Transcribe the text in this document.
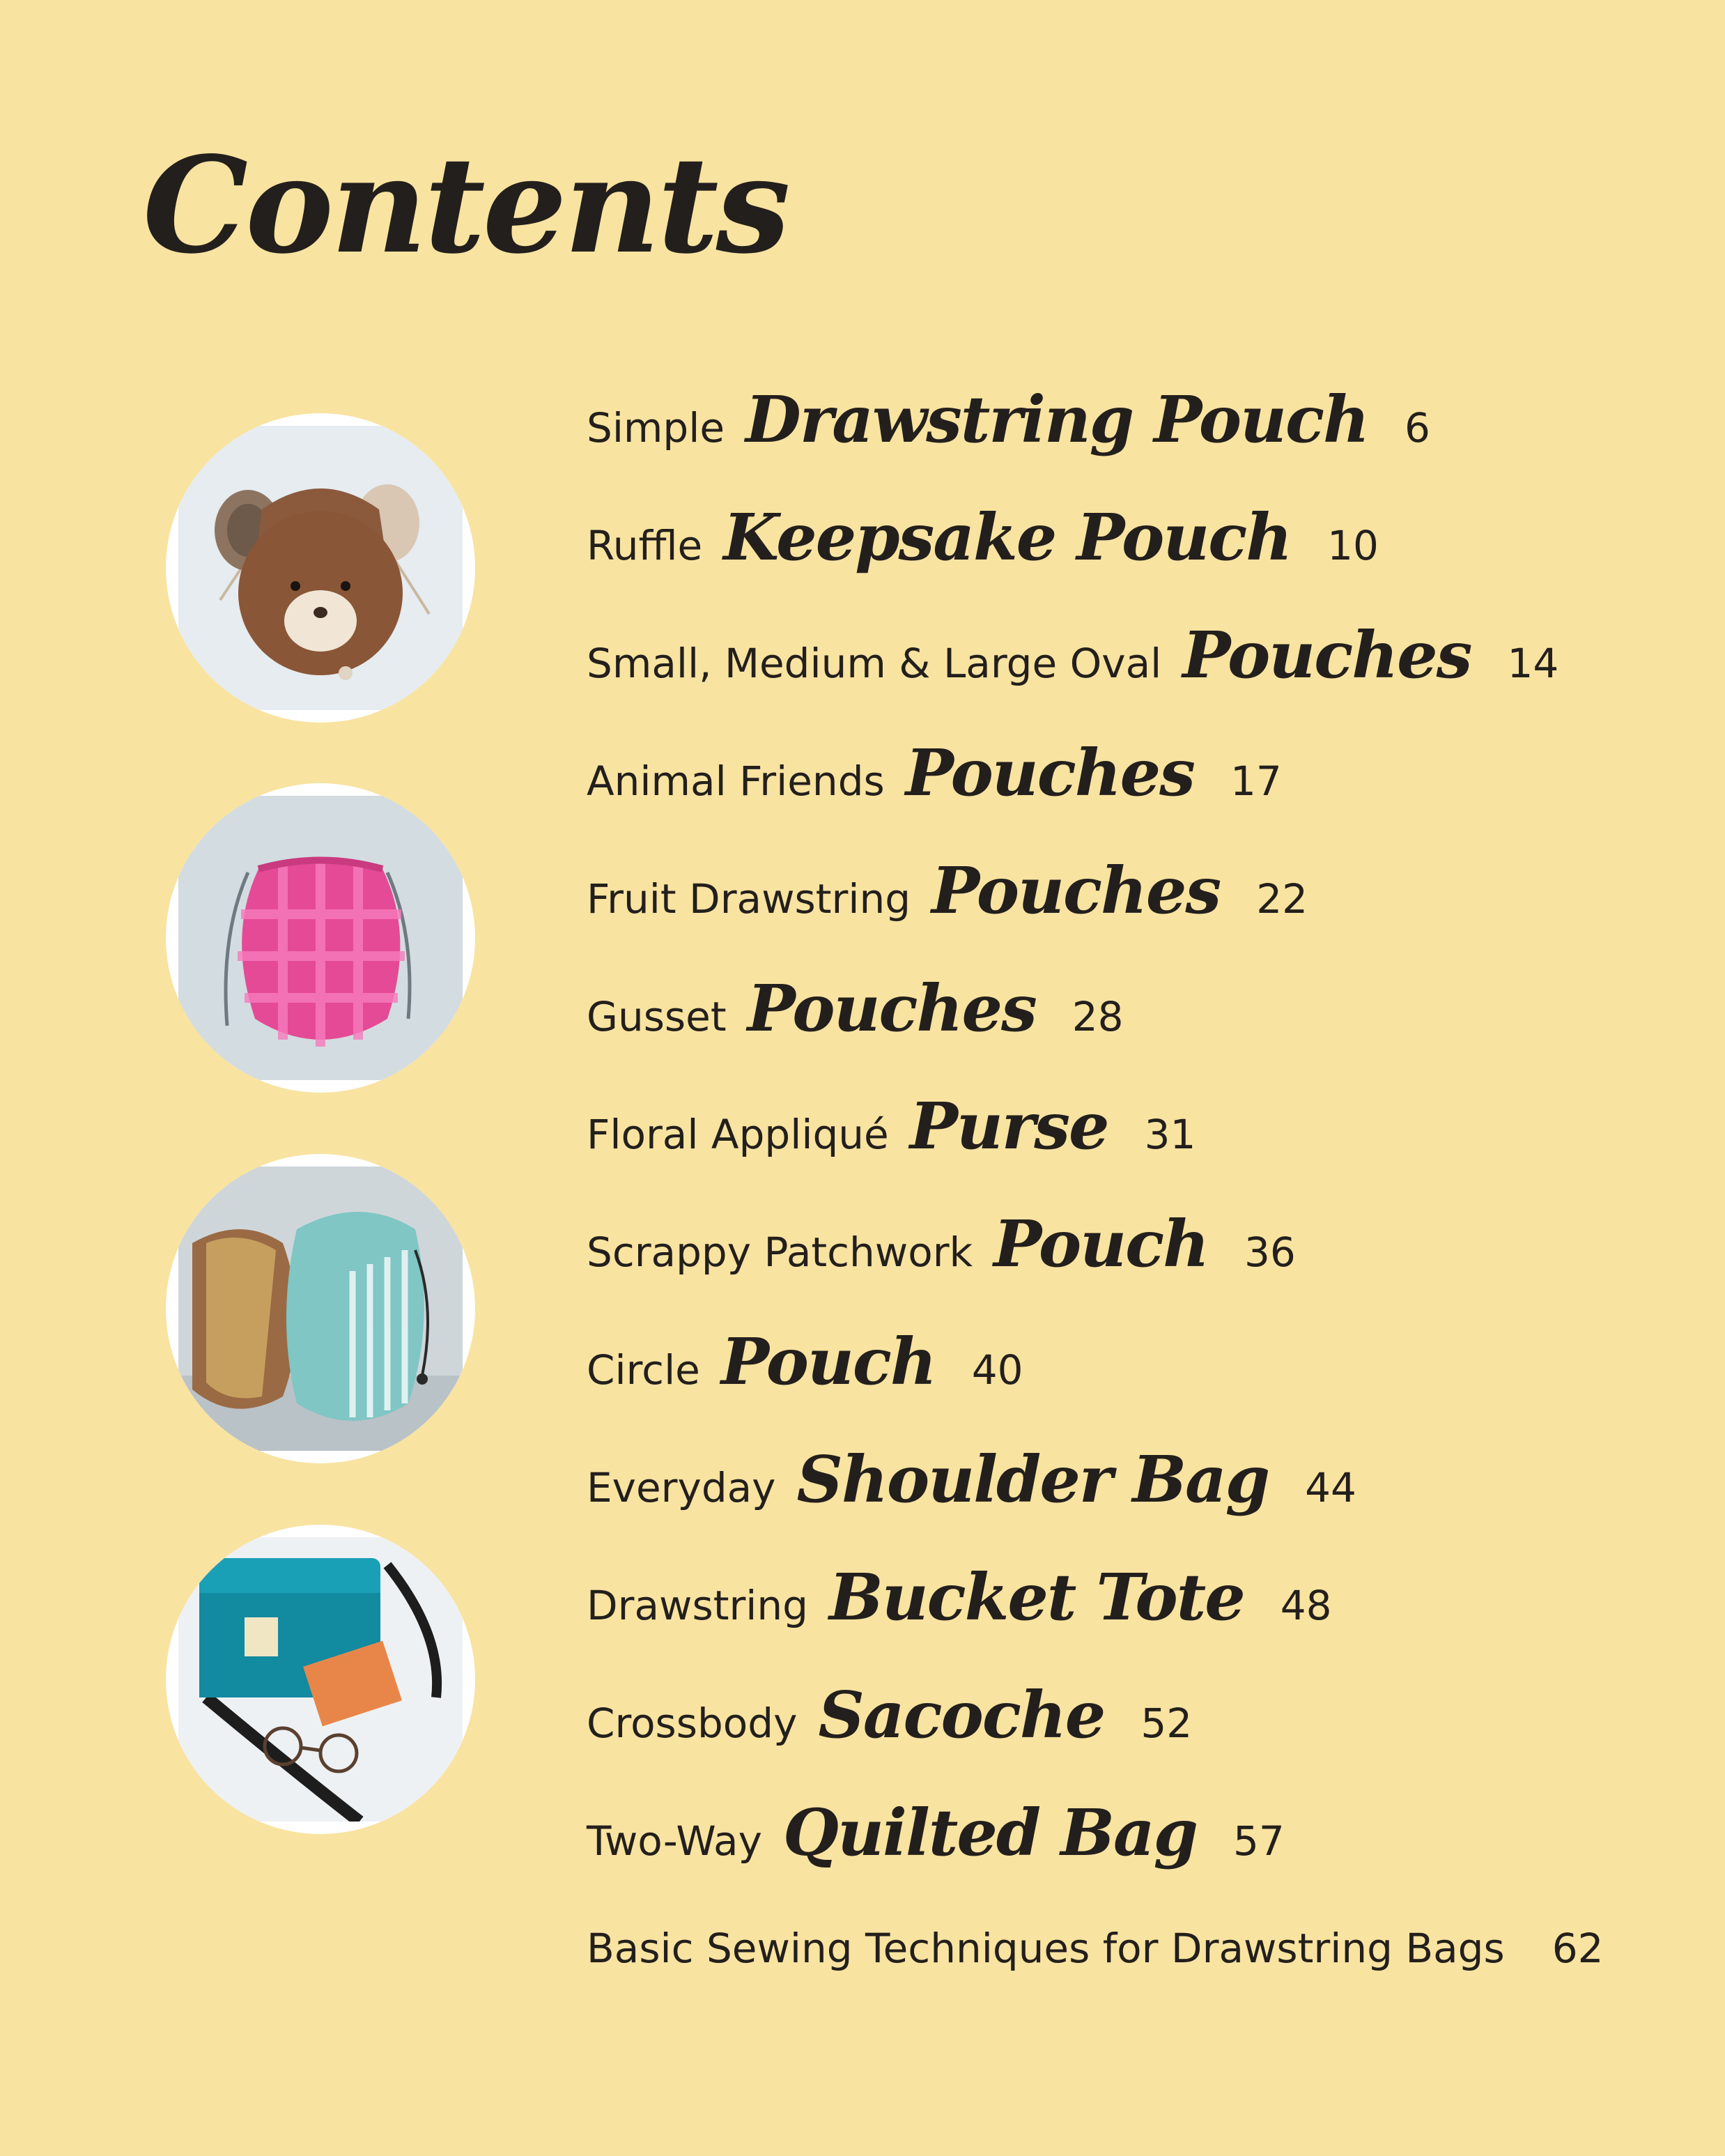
Contents
Simple Drawstring Pouch 6
Ruffle Keepsake Pouch 10
Small, Medium & Large Oval Pouches 14
Animal Friends Pouches 17
Fruit Drawstring Pouches 22
Gusset Pouches 28
Floral Appliqué Purse 31
Scrappy Patchwork Pouch 36
Circle Pouch 40
Everyday Shoulder Bag 44
Drawstring Bucket Tote 48
Crossbody Sacoche 52
Two-Way Quilted Bag 57
Basic Sewing Techniques for Drawstring Bags 62
